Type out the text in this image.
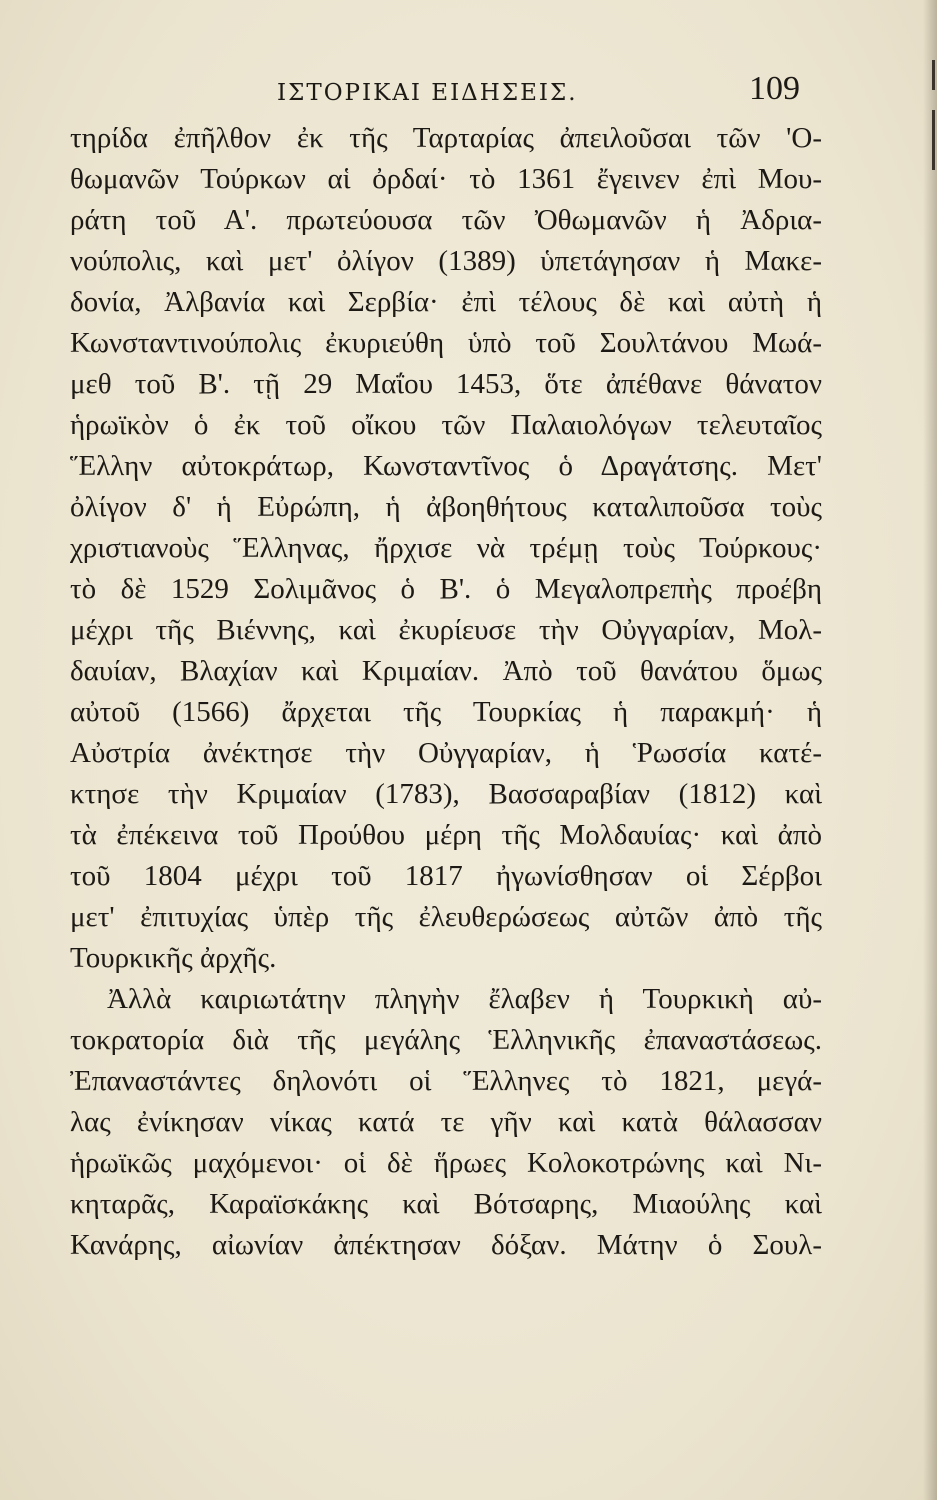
ΙΣΤΟΡΙΚΑΙ ΕΙΔΗΣΕΙΣ.	109
τηρίδα ἐπῆλθον ἐκ τῆς Ταρταρίας ἀπειλοῦσαι τῶν 'Ο-
θωμανῶν Τούρκων αἱ ὀρδαί· τὸ 1361 ἔγεινεν ἐπὶ Μου-
ράτη τοῦ Α'. πρωτεύουσα τῶν Ὀθωμανῶν ἡ Ἀδρια-
νούπολις, καὶ μετ' ὀλίγον (1389) ὑπετάγησαν ἡ Μακε-
δονία, Ἀλβανία καὶ Σερβία· ἐπὶ τέλους δὲ καὶ αὐτὴ ἡ
Κωνσταντινούπολις ἐκυριεύθη ὑπὸ τοῦ Σουλτάνου Μωά-
μεθ τοῦ Β'. τῇ 29 Μαΐου 1453, ὅτε ἀπέθανε θάνατον
ἡρωϊκὸν ὁ ἐκ τοῦ οἴκου τῶν Παλαιολόγων τελευταῖος
Ἕλλην αὐτοκράτωρ, Κωνσταντῖνος ὁ Δραγάτσης. Μετ'
ὀλίγον δ' ἡ Εὐρώπη, ἡ ἀβοηθήτους καταλιποῦσα τοὺς
χριστιανοὺς Ἕλληνας, ἤρχισε νὰ τρέμῃ τοὺς Τούρκους·
τὸ δὲ 1529 Σολιμᾶνος ὁ Β'. ὁ Μεγαλοπρεπὴς προέβη
μέχρι τῆς Βιέννης, καὶ ἐκυρίευσε τὴν Οὐγγαρίαν, Μολ-
δαυίαν, Βλαχίαν καὶ Κριμαίαν. Ἀπὸ τοῦ θανάτου ὅμως
αὐτοῦ (1566) ἄρχεται τῆς Τουρκίας ἡ παρακμή· ἡ
Αὐστρία ἀνέκτησε τὴν Οὐγγαρίαν, ἡ Ῥωσσία κατέ-
κτησε τὴν Κριμαίαν (1783), Βασσαραβίαν (1812) καὶ
τὰ ἐπέκεινα τοῦ Προύθου μέρη τῆς Μολδαυίας· καὶ ἀπὸ
τοῦ 1804 μέχρι τοῦ 1817 ἠγωνίσθησαν οἱ Σέρβοι
μετ' ἐπιτυχίας ὑπὲρ τῆς ἐλευθερώσεως αὐτῶν ἀπὸ τῆς
Τουρκικῆς ἀρχῆς.
Ἀλλὰ καιριωτάτην πληγὴν ἔλαβεν ἡ Τουρκικὴ αὐ-
τοκρατορία διὰ τῆς μεγάλης Ἑλληνικῆς ἐπαναστάσεως.
Ἐπαναστάντες δηλονότι οἱ Ἕλληνες τὸ 1821, μεγά-
λας ἐνίκησαν νίκας κατά τε γῆν καὶ κατὰ θάλασσαν
ἡρωϊκῶς μαχόμενοι· οἱ δὲ ἥρωες Κολοκοτρώνης καὶ Νι-
κηταρᾶς, Καραϊσκάκης καὶ Βότσαρης, Μιαούλης καὶ
Κανάρης, αἰωνίαν ἀπέκτησαν δόξαν. Μάτην ὁ Σουλ-
